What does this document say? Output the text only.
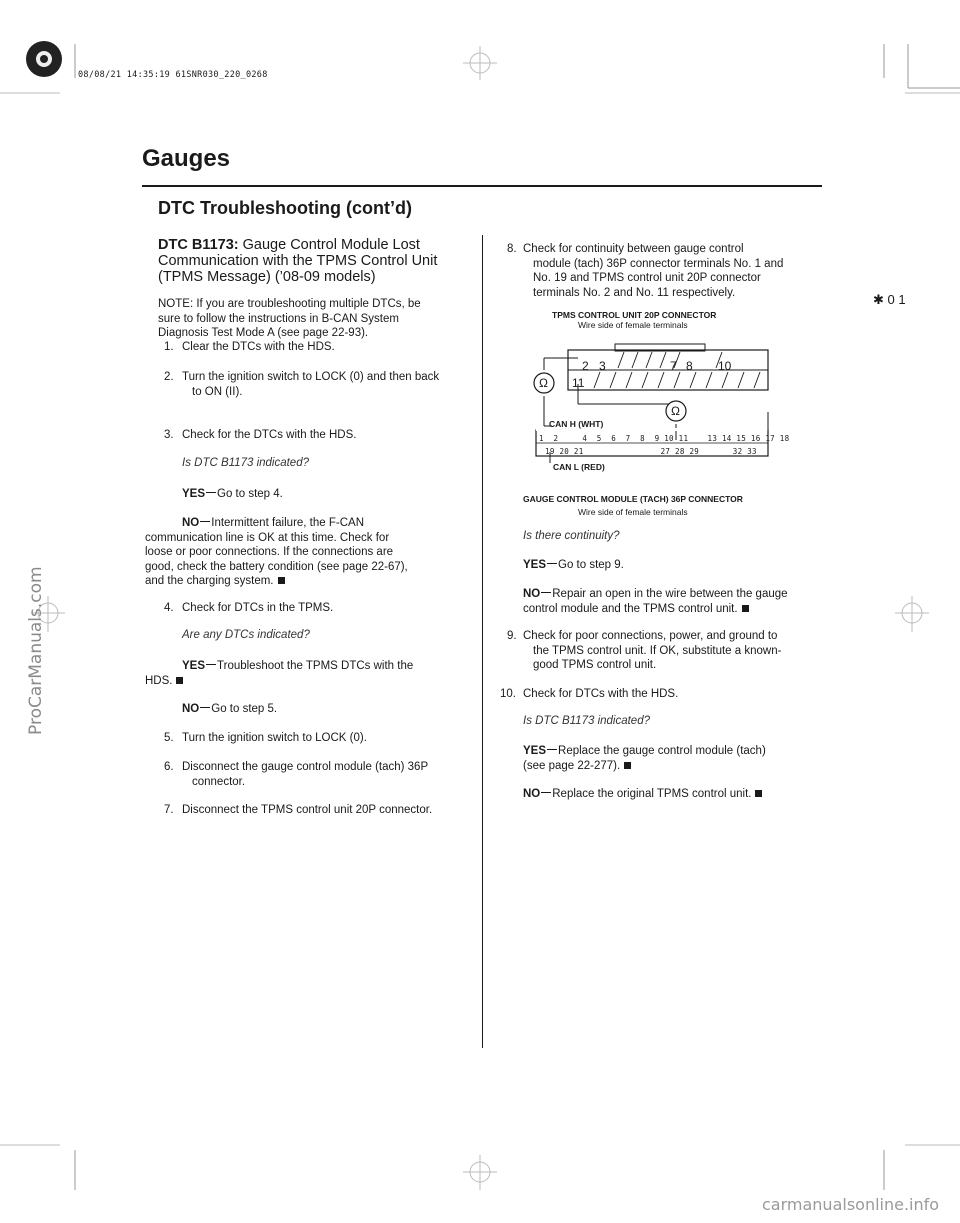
08/08/21 14:35:19 61SNR030_220_0268
Gauges
DTC Troubleshooting (cont’d)
✱ 0 1
DTC B1173: Gauge Control Module Lost
Communication with the TPMS Control Unit
(TPMS Message) (’08-09 models)
NOTE: If you are troubleshooting multiple DTCs, be
sure to follow the instructions in B-CAN System
Diagnosis Test Mode A (see page 22-93).
1. Clear the DTCs with the HDS.
2. Turn the ignition switch to LOCK (0) and then back
to ON (II).
3. Check for the DTCs with the HDS.
Is DTC B1173 indicated?
YES Go to step 4.
NO Intermittent failure, the F-CAN
communication line is OK at this time. Check for
loose or poor connections. If the connections are
good, check the battery condition (see page 22-67),
and the charging system.
4. Check for DTCs in the TPMS.
Are any DTCs indicated?
YES Troubleshoot the TPMS DTCs with the
HDS.
NO Go to step 5.
5. Turn the ignition switch to LOCK (0).
6. Disconnect the gauge control module (tach) 36P
connector.
7. Disconnect the TPMS control unit 20P connector.
8. Check for continuity between gauge control
module (tach) 36P connector terminals No. 1 and
No. 19 and TPMS control unit 20P connector
terminals No. 2 and No. 11 respectively.
TPMS CONTROL UNIT 20P CONNECTOR
Wire side of female terminals
2 3	7 8 10
11
Ω
Ω
CAN H (WHT)
1  2     4  5  6  7  8  9 10 11    13 14 15 16 17 18
19 20 21                27 28 29       32 33
CAN L (RED)
GAUGE CONTROL MODULE (TACH) 36P CONNECTOR
Wire side of female terminals
Is there continuity?
YES Go to step 9.
NO Repair an open in the wire between the gauge
control module and the TPMS control unit.
9. Check for poor connections, power, and ground to
the TPMS control unit. If OK, substitute a known-
good TPMS control unit.
10. Check for DTCs with the HDS.
Is DTC B1173 indicated?
YES Replace the gauge control module (tach)
(see page 22-277).
NO Replace the original TPMS control unit.
ProCarManuals.com
carmanualsonline.info
